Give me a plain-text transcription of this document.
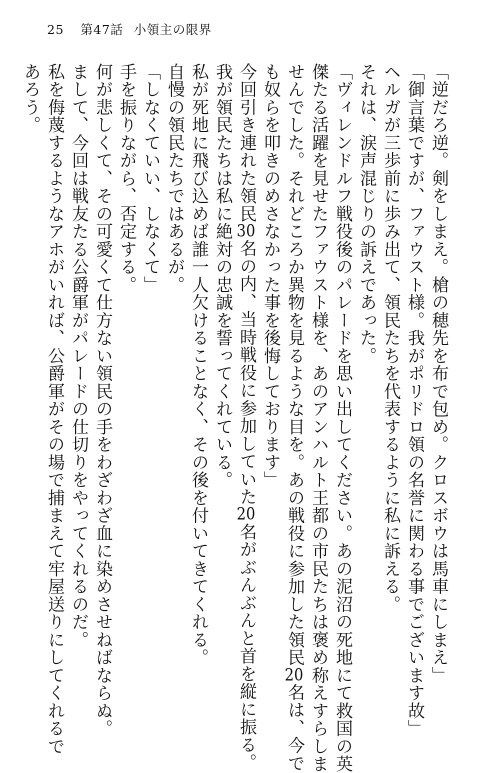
25 第47話 小領主の限界
「逆だろ逆。剣をしまえ。槍の穂先を布で包め。クロスボウは馬車にしまえ」
「御言葉ですが、ファウスト様。我がポリドロ領の名誉に関わる事でございます故」
ヘルガが三歩前に歩み出て、領民たちを代表するように私に訴える。
それは、涙声混じりの訴えであった。
「ヴィレンドルフ戦役後のパレードを思い出してください。あの泥沼の死地にて救国の英
傑たる活躍を見せたファウスト様を、あのアンハルト王都の市民たちは褒め称えすらしま
せんでした。それどころか異物を見るような目を。あの戦役に参加した領民20名は、今で
も奴らを叩きのめさなかった事を後悔しております」
今回引き連れた領民30名の内、当時戦役に参加していた20名がぶんぶんと首を縦に振る。
我が領民たちは私に絶対の忠誠を誓ってくれている。
私が死地に飛び込めば誰一人欠けることなく、その後を付いてきてくれる。
自慢の領民たちではあるが。
「しなくていい、しなくて」
手を振りながら、否定する。
何が悲しくて、その可愛くて仕方ない領民の手をわざわざ血に染めさせねばならぬ。
まして、今回は戦友たる公爵軍がパレードの仕切りをやってくれるのだ。
私を侮蔑するようなアホがいれば、公爵軍がその場で捕まえて牢屋送りにしてくれるで
あろう。
